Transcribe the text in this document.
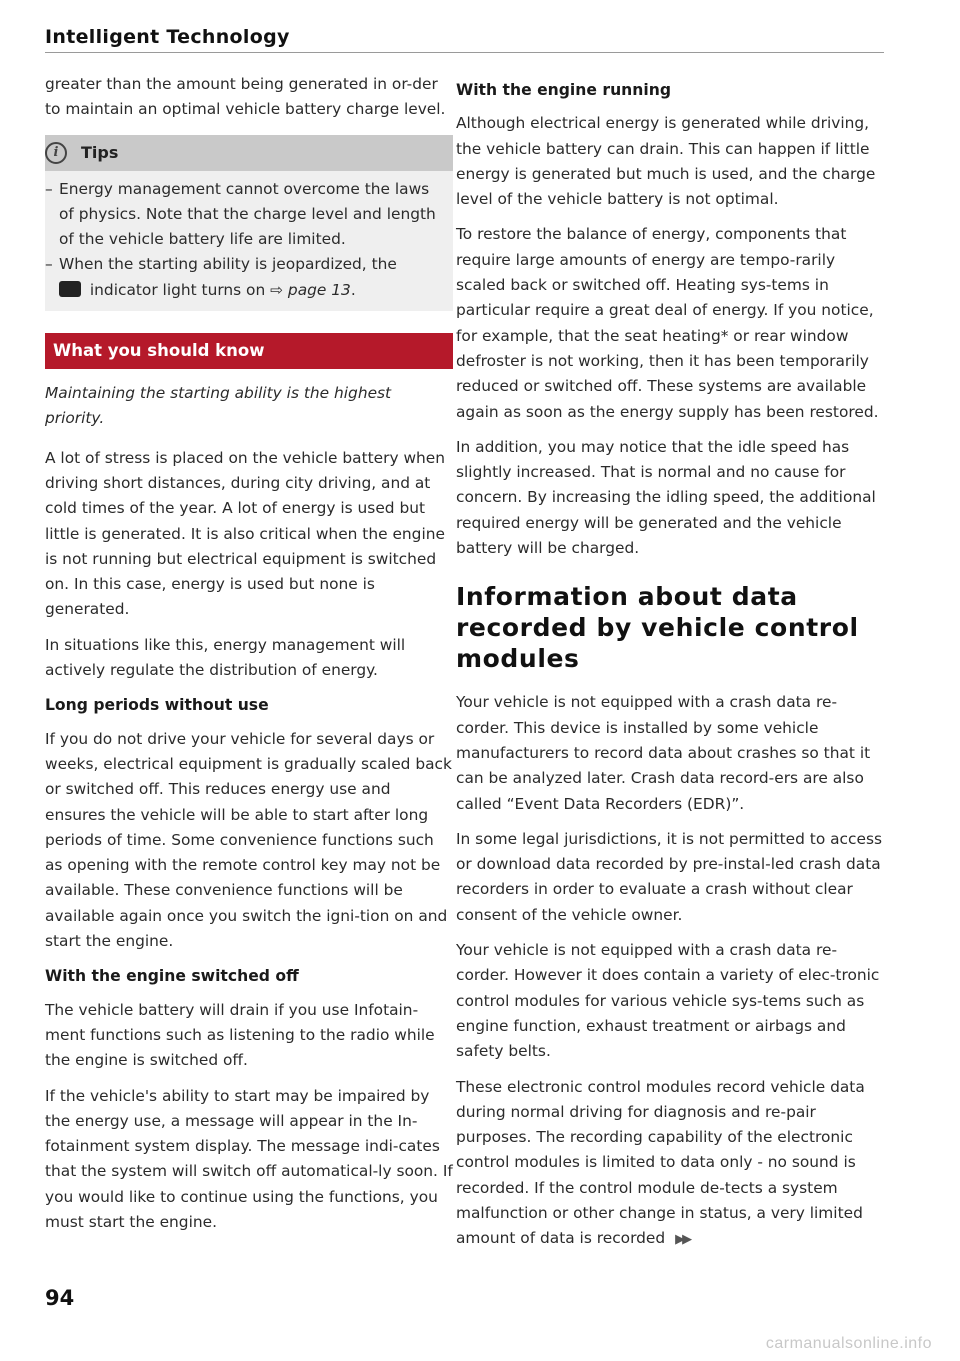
Intelligent Technology

greater than the amount being generated in or-der to maintain an optimal vehicle battery charge level.

i	Tips
– Energy management cannot overcome the laws of physics. Note that the charge level and length of the vehicle battery life are limited.
– When the starting ability is jeopardized, the
indicator light turns on ⇨ page 13.
What you should know

Maintaining the starting ability is the highest priority.

A lot of stress is placed on the vehicle battery when driving short distances, during city driving, and at cold times of the year. A lot of energy is used but little is generated. It is also critical when the engine is not running but electrical equipment is switched on. In this case, energy is used but none is generated.

In situations like this, energy management will actively regulate the distribution of energy.

Long periods without use

If you do not drive your vehicle for several days or weeks, electrical equipment is gradually scaled back or switched off. This reduces energy use and ensures the vehicle will be able to start after long periods of time. Some convenience functions such as opening with the remote control key may not be available. These convenience functions will be available again once you switch the igni-tion on and start the engine.

With the engine switched off

The vehicle battery will drain if you use Infotain-ment functions such as listening to the radio while the engine is switched off.

If the vehicle's ability to start may be impaired by the energy use, a message will appear in the In-fotainment system display. The message indi-cates that the system will switch off automatical-ly soon. If you would like to continue using the functions, you must start the engine.

With the engine running

Although electrical energy is generated while driving, the vehicle battery can drain. This can happen if little energy is generated but much is used, and the charge level of the vehicle battery is not optimal.

To restore the balance of energy, components that require large amounts of energy are tempo-rarily scaled back or switched off. Heating sys-tems in particular require a great deal of energy. If you notice, for example, that the seat heating* or rear window defroster is not working, then it has been temporarily reduced or switched off. These systems are available again as soon as the energy supply has been restored.

In addition, you may notice that the idle speed has slightly increased. That is normal and no cause for concern. By increasing the idling speed, the additional required energy will be generated and the vehicle battery will be charged.

Information about data recorded by vehicle control modules

Your vehicle is not equipped with a crash data re-corder. This device is installed by some vehicle manufacturers to record data about crashes so that it can be analyzed later. Crash data record-ers are also called “Event Data Recorders (EDR)”.

In some legal jurisdictions, it is not permitted to access or download data recorded by pre-instal-led crash data recorders in order to evaluate a crash without clear consent of the vehicle owner.

Your vehicle is not equipped with a crash data re-corder. However it does contain a variety of elec-tronic control modules for various vehicle sys-tems such as engine function, exhaust treatment or airbags and safety belts.

These electronic control modules record vehicle data during normal driving for diagnosis and re-pair purposes. The recording capability of the electronic control modules is limited to data only - no sound is recorded. If the control module de-tects a system malfunction or other change in status, a very limited amount of data is recorded ▶▶

94
carmanualsonline.info
